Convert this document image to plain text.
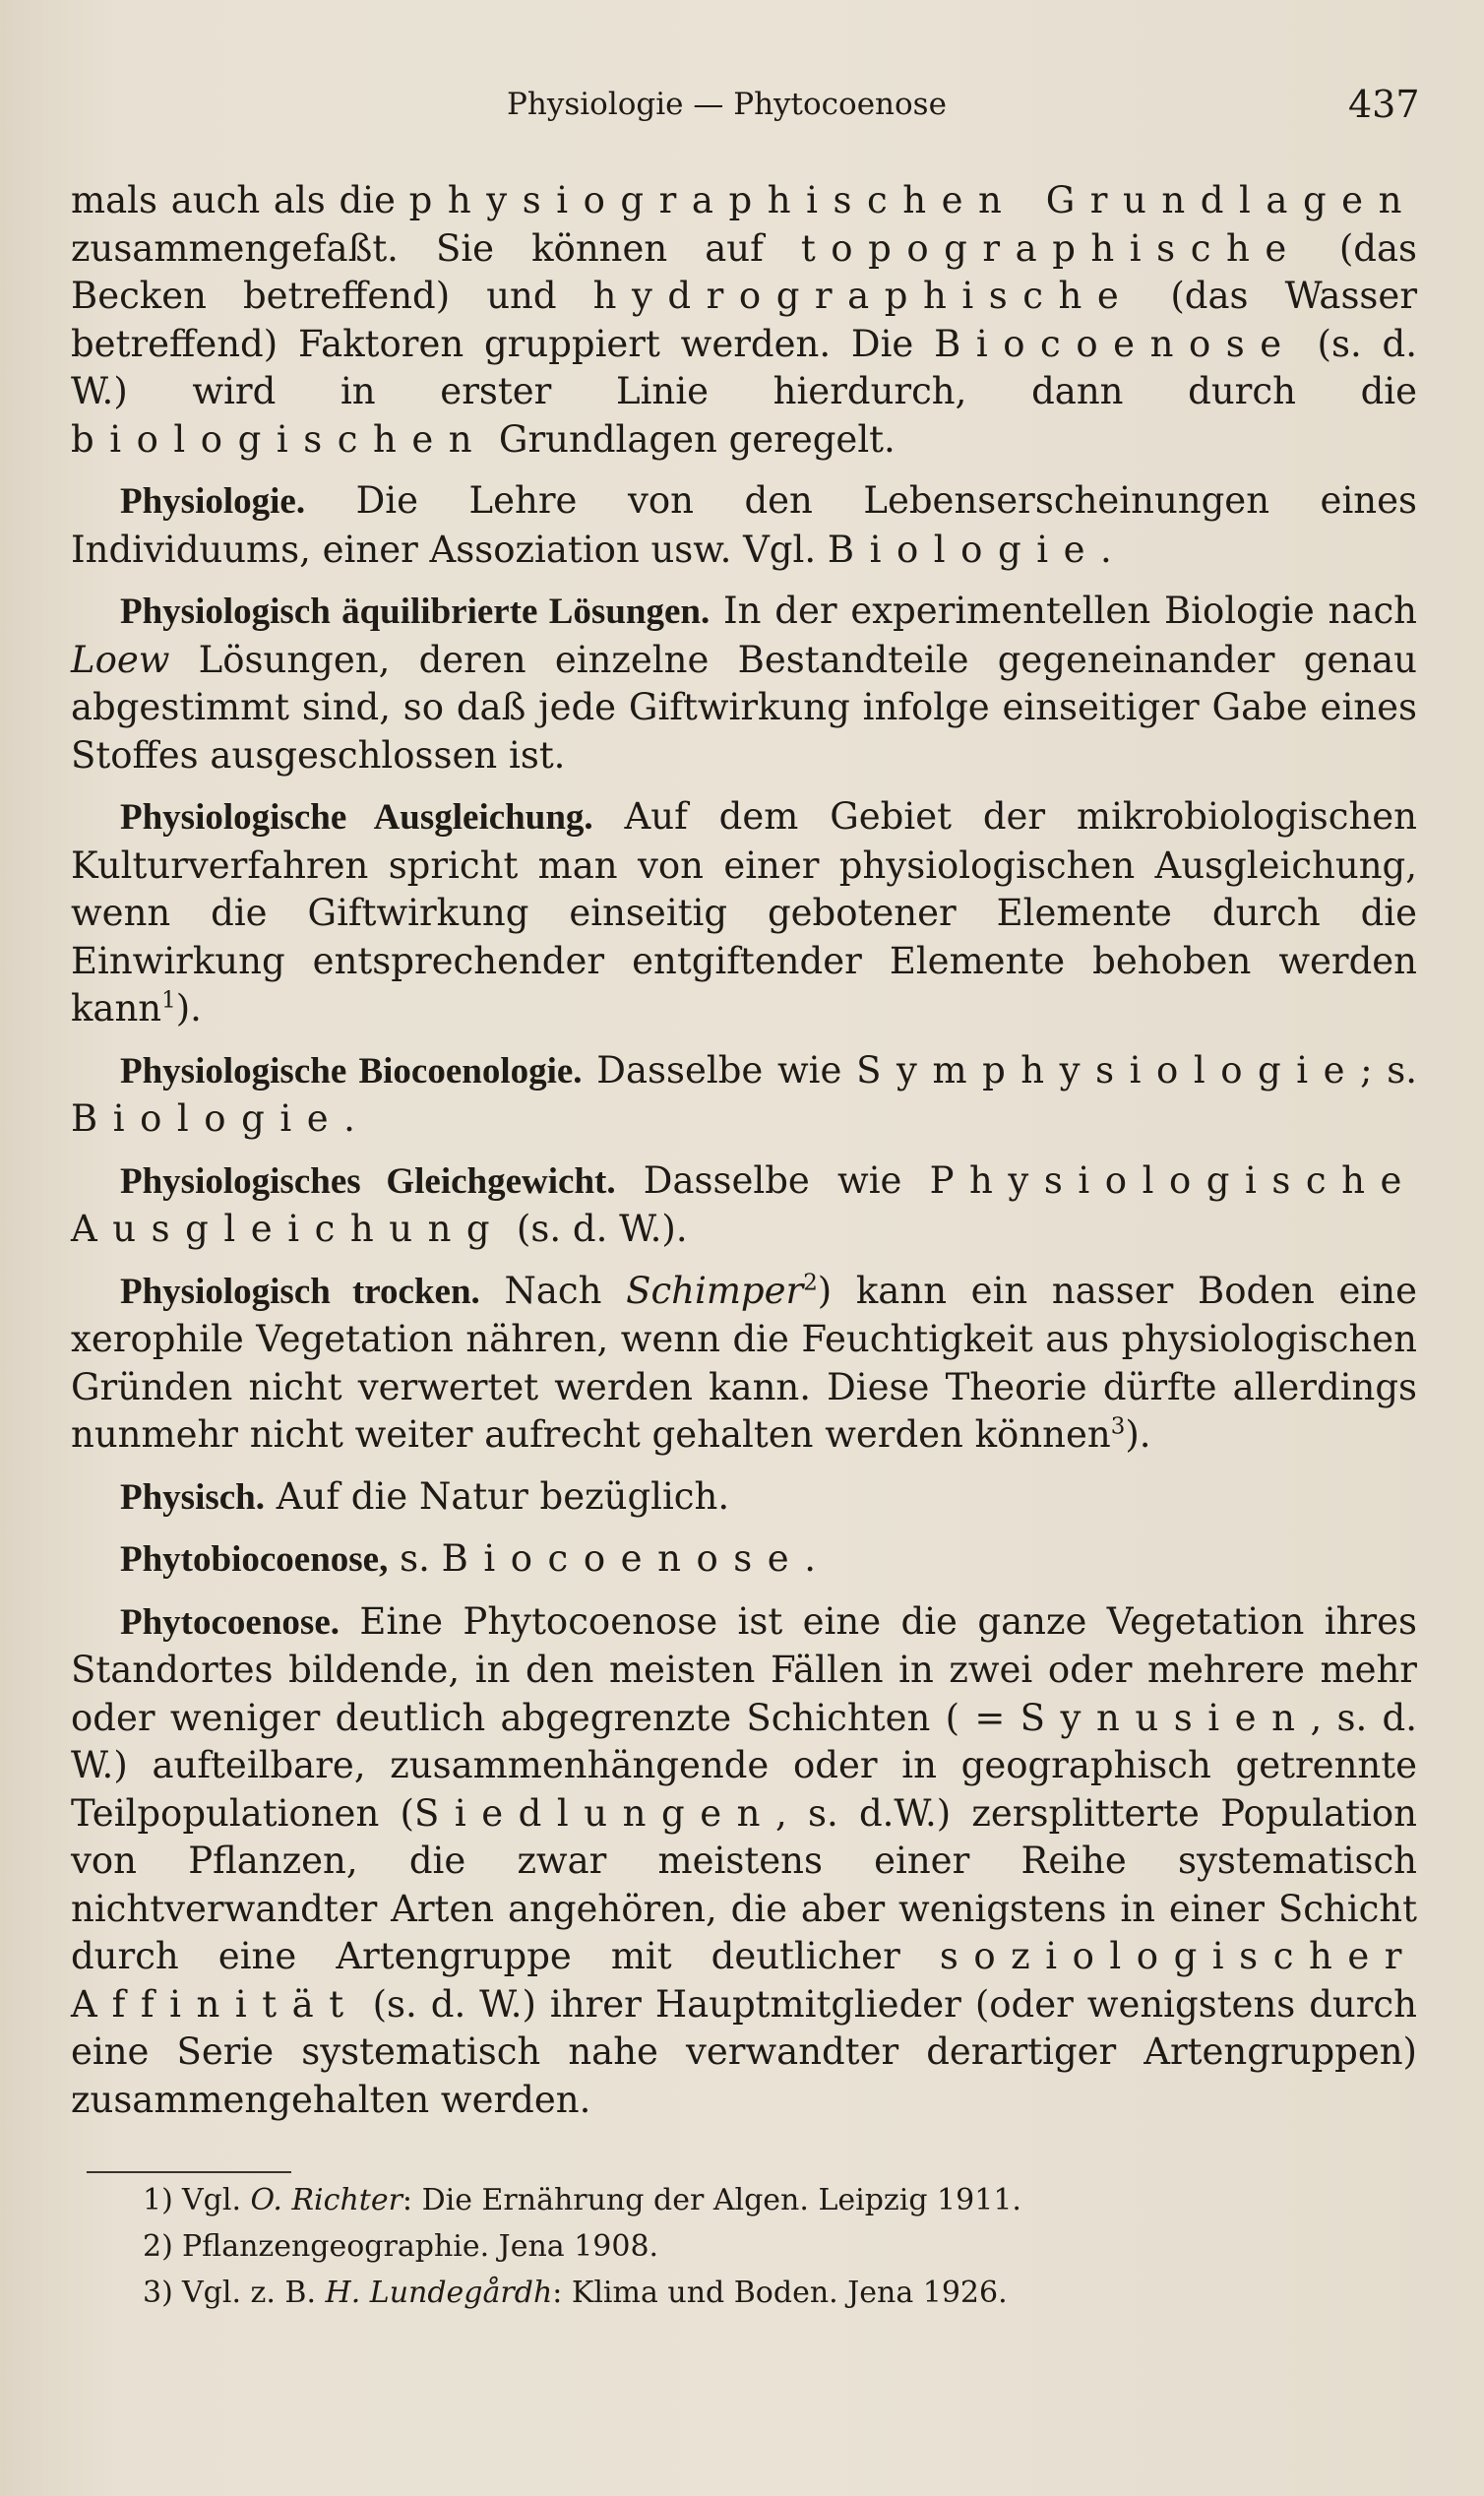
Physiologie — Phytocoenose	437

mals auch als die physiographischen Grundlagen zusammengefaßt. Sie können auf topographische (das Becken betreffend) und hydrographische (das Wasser betreffend) Faktoren gruppiert werden. Die Biocoenose (s. d. W.) wird in erster Linie hierdurch, dann durch die biologischen Grundlagen geregelt.

Physiologie. Die Lehre von den Lebenserscheinungen eines Individuums, einer Assoziation usw. Vgl. Biologie.

Physiologisch äquilibrierte Lösungen. In der experimentellen Biologie nach Loew Lösungen, deren einzelne Bestandteile gegeneinander genau abgestimmt sind, so daß jede Giftwirkung infolge einseitiger Gabe eines Stoffes ausgeschlossen ist.

Physiologische Ausgleichung. Auf dem Gebiet der mikrobiologischen Kulturverfahren spricht man von einer physiologischen Ausgleichung, wenn die Giftwirkung einseitig gebotener Elemente durch die Einwirkung entsprechender entgiftender Elemente behoben werden kann$^1$).

Physiologische Biocoenologie. Dasselbe wie Symphysiologie; s. Biologie.

Physiologisches Gleichgewicht. Dasselbe wie Physiologische Ausgleichung (s. d. W.).

Physiologisch trocken. Nach Schimper$^2$) kann ein nasser Boden eine xerophile Vegetation nähren, wenn die Feuchtigkeit aus physiologischen Gründen nicht verwertet werden kann. Diese Theorie dürfte allerdings nunmehr nicht weiter aufrecht gehalten werden können$^3$).

Physisch. Auf die Natur bezüglich.

Phytobiocoenose, s. Biocoenose.

Phytocoenose. Eine Phytocoenose ist eine die ganze Vegetation ihres Standortes bildende, in den meisten Fällen in zwei oder mehrere mehr oder weniger deutlich abgegrenzte Schichten ( = Synusien, s. d. W.) aufteilbare, zusammenhängende oder in geographisch getrennte Teilpopulationen (Siedlungen, s. d.W.) zersplitterte Population von Pflanzen, die zwar meistens einer Reihe systematisch nichtverwandter Arten angehören, die aber wenigstens in einer Schicht durch eine Artengruppe mit deutlicher soziologischer Affinität (s. d. W.) ihrer Hauptmitglieder (oder wenigstens durch eine Serie systematisch nahe verwandter derartiger Artengruppen) zusammengehalten werden.

1) Vgl. O. Richter: Die Ernährung der Algen. Leipzig 1911.
2) Pflanzengeographie. Jena 1908.
3) Vgl. z. B. H. Lundegårdh: Klima und Boden. Jena 1926.
